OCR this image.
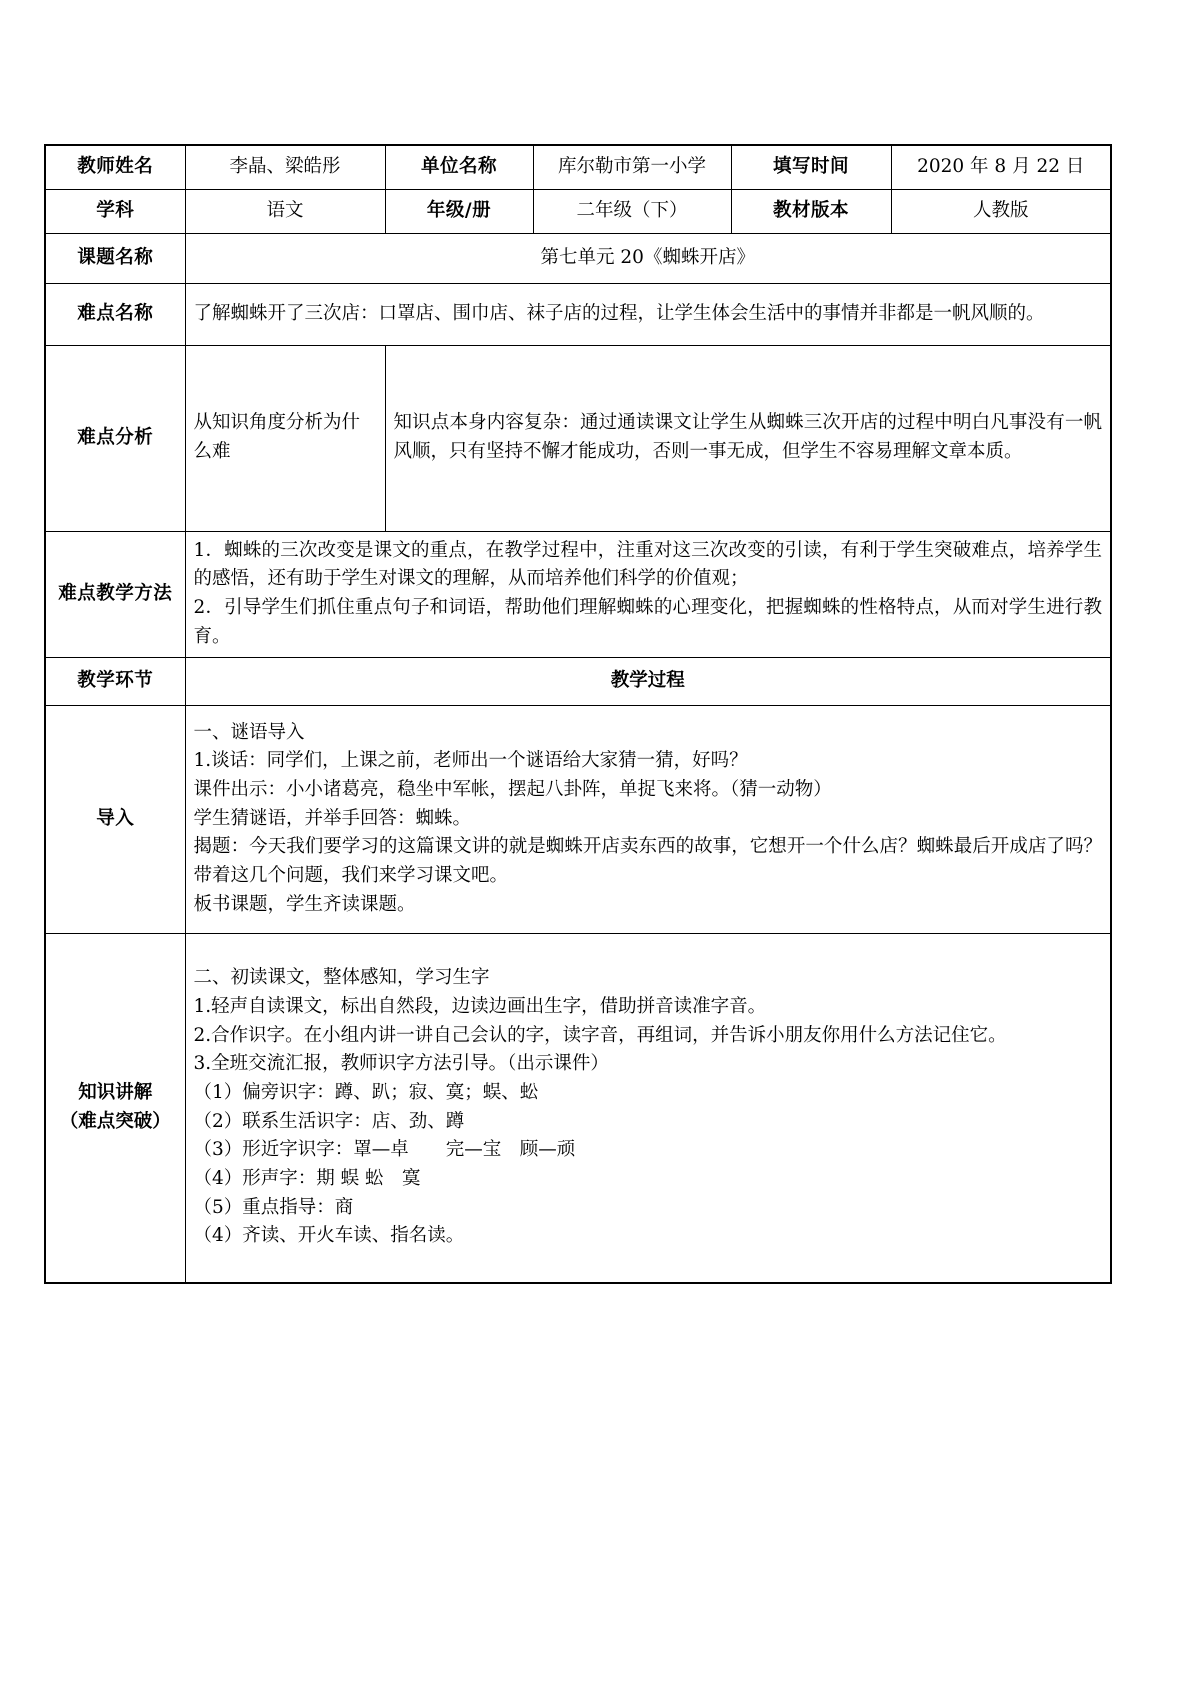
教师姓名	李晶、梁皓彤	单位名称	库尔勒市第一小学	填写时间	2020 年 8 月 22 日
学科	语文	年级/册	二年级（下）	教材版本	人教版
课题名称	第七单元 20《蜘蛛开店》				
难点名称	了解蜘蛛开了三次店：口罩店、围巾店、袜子店的过程，让学生体会生活中的事情并非都是一帆风顺的。				
难点分析	从知识角度分析为什么难	知识点本身内容复杂：通过通读课文让学生从蜘蛛三次开店的过程中明白凡事没有一帆风顺，只有坚持不懈才能成功，否则一事无成，但学生不容易理解文章本质。			
难点教学方法	1．蜘蛛的三次改变是课文的重点，在教学过程中，注重对这三次改变的引读，有利于学生突破难点，培养学生的感悟，还有助于学生对课文的理解，从而培养他们科学的价值观；

2．引导学生们抓住重点句子和词语，帮助他们理解蜘蛛的心理变化，把握蜘蛛的性格特点，从而对学生进行教育。				

教学环节	教学过程				
导入	

一、谜语导入

1.谈话：同学们，上课之前，老师出一个谜语给大家猜一猜，好吗？

课件出示：小小诸葛亮，稳坐中军帐，摆起八卦阵，单捉飞来将。（猜一动物）

学生猜谜语，并举手回答：蜘蛛。

揭题：今天我们要学习的这篇课文讲的就是蜘蛛开店卖东西的故事，它想开一个什么店？蜘蛛最后开成店了吗？带着这几个问题，我们来学习课文吧。

板书课题，学生齐读课题。

知识讲解
（难点突破）

二、初读课文，整体感知，学习生字

1.轻声自读课文，标出自然段，边读边画出生字，借助拼音读准字音。

2.合作识字。在小组内讲一讲自己会认的字，读字音，再组词，并告诉小朋友你用什么方法记住它。

3.全班交流汇报，教师识字方法引导。（出示课件）

（1）偏旁识字：蹲、趴；寂、寞；蜈、蚣

（2）联系生活识字：店、劲、蹲

（3）形近字识字：罩—卓　　完—宝　顾—顽

（4）形声字：期 蜈 蚣　寞

（5）重点指导：商

（4）齐读、开火车读、指名读。
